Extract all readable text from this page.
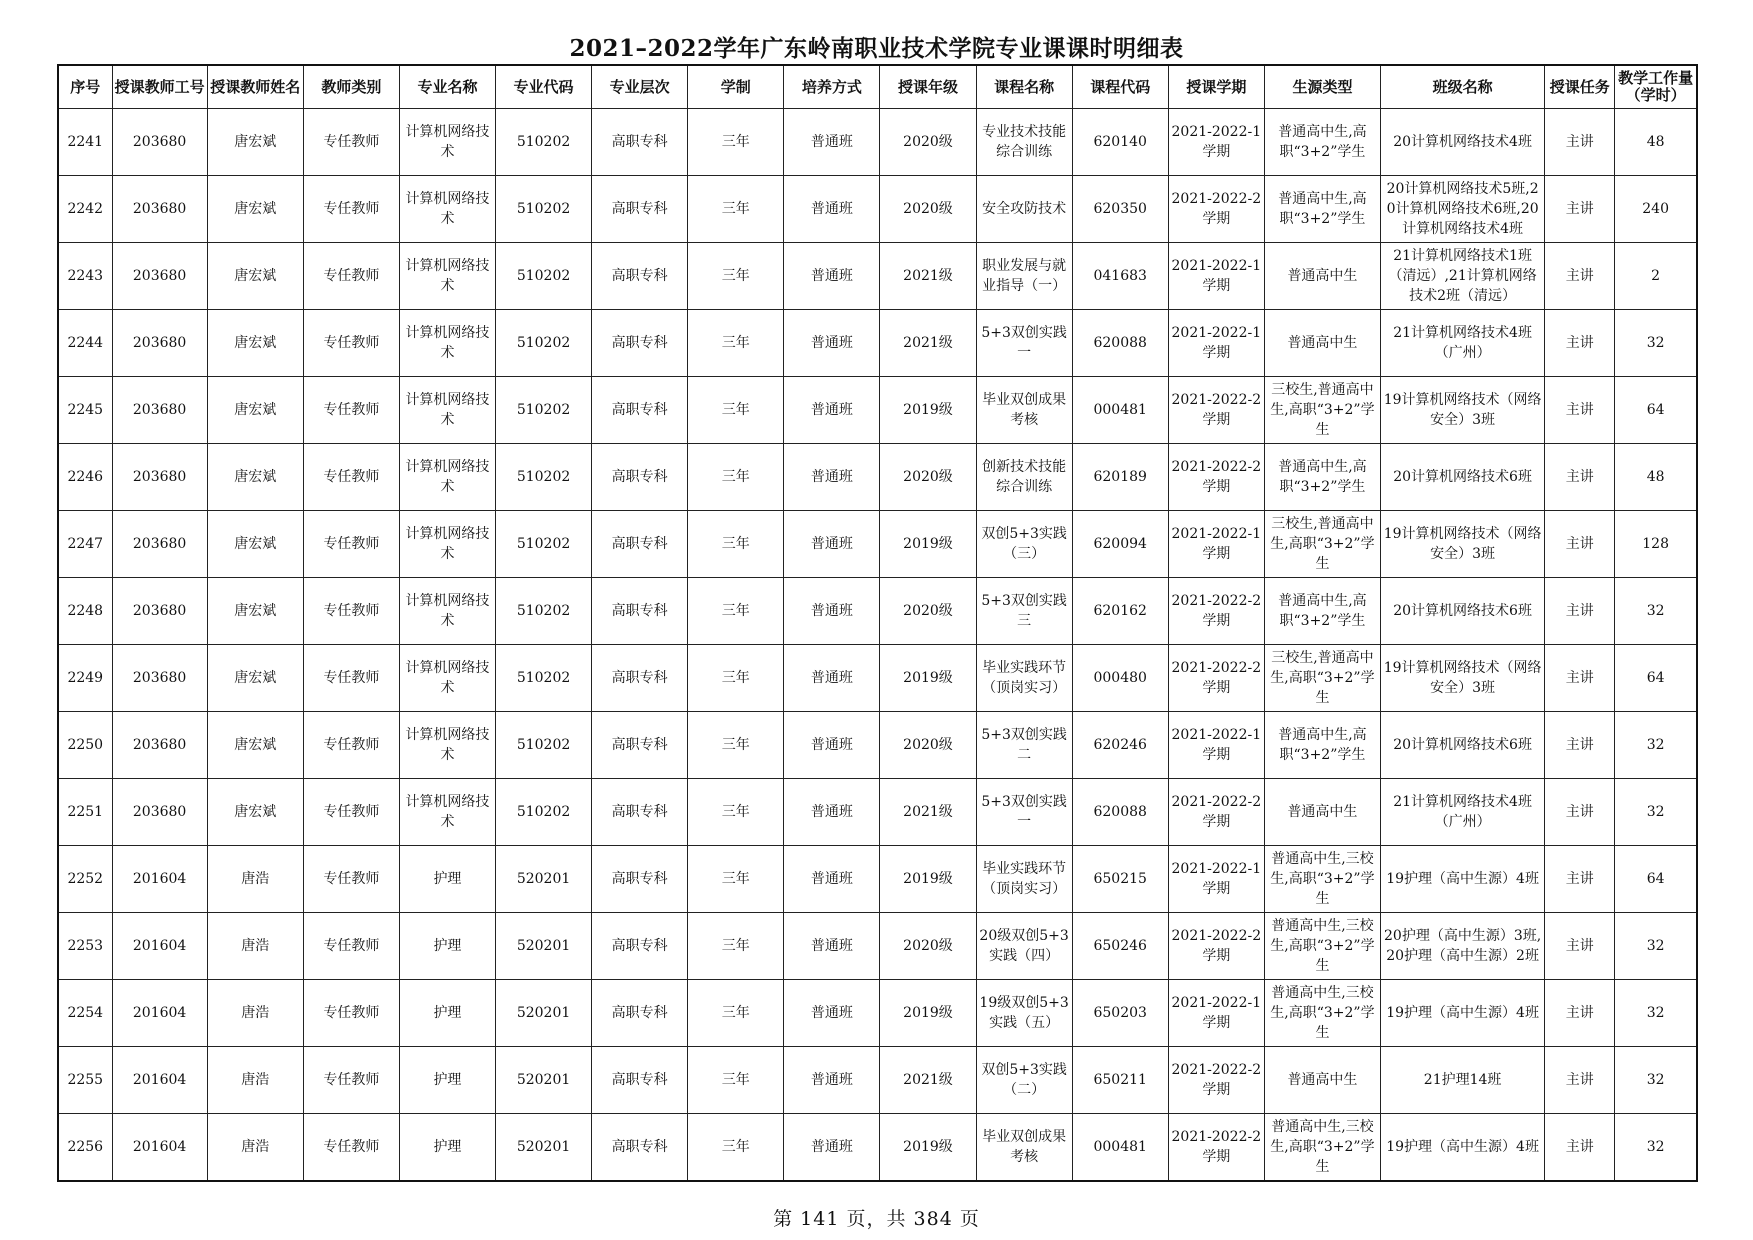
2021–2022学年广东岭南职业技术学院专业课课时明细表
序号	授课教师工号	授课教师姓名	教师类别	专业名称	专业代码	专业层次	学制	培养方式	授课年级	课程名称	课程代码	授课学期	生源类型	班级名称	授课任务	教学工作量（学时）

2241	203680	唐宏斌	专任教师	计算机网络技术	510202	高职专科	三年	普通班	2020级	专业技术技能综合训练	620140	2021-2022-1学期	普通高中生,高职“3+2”学生	20计算机网络技术4班	主讲	48

2242	203680	唐宏斌	专任教师	计算机网络技术	510202	高职专科	三年	普通班	2020级	安全攻防技术	620350	2021-2022-2学期	普通高中生,高职“3+2”学生	20计算机网络技术5班,20计算机网络技术6班,20计算机网络技术4班	主讲	240

2243	203680	唐宏斌	专任教师	计算机网络技术	510202	高职专科	三年	普通班	2021级	职业发展与就业指导（一）	041683	2021-2022-1学期	普通高中生	21计算机网络技术1班（清远）,21计算机网络技术2班（清远）	主讲	2

2244	203680	唐宏斌	专任教师	计算机网络技术	510202	高职专科	三年	普通班	2021级	5+3双创实践一	620088	2021-2022-1学期	普通高中生	21计算机网络技术4班（广州）	主讲	32

2245	203680	唐宏斌	专任教师	计算机网络技术	510202	高职专科	三年	普通班	2019级	毕业双创成果考核	000481	2021-2022-2学期	三校生,普通高中生,高职“3+2”学生	19计算机网络技术（网络安全）3班	主讲	64

2246	203680	唐宏斌	专任教师	计算机网络技术	510202	高职专科	三年	普通班	2020级	创新技术技能综合训练	620189	2021-2022-2学期	普通高中生,高职“3+2”学生	20计算机网络技术6班	主讲	48

2247	203680	唐宏斌	专任教师	计算机网络技术	510202	高职专科	三年	普通班	2019级	双创5+3实践（三）	620094	2021-2022-1学期	三校生,普通高中生,高职“3+2”学生	19计算机网络技术（网络安全）3班	主讲	128

2248	203680	唐宏斌	专任教师	计算机网络技术	510202	高职专科	三年	普通班	2020级	5+3双创实践三	620162	2021-2022-2学期	普通高中生,高职“3+2”学生	20计算机网络技术6班	主讲	32

2249	203680	唐宏斌	专任教师	计算机网络技术	510202	高职专科	三年	普通班	2019级	毕业实践环节（顶岗实习）	000480	2021-2022-2学期	三校生,普通高中生,高职“3+2”学生	19计算机网络技术（网络安全）3班	主讲	64

2250	203680	唐宏斌	专任教师	计算机网络技术	510202	高职专科	三年	普通班	2020级	5+3双创实践二	620246	2021-2022-1学期	普通高中生,高职“3+2”学生	20计算机网络技术6班	主讲	32

2251	203680	唐宏斌	专任教师	计算机网络技术	510202	高职专科	三年	普通班	2021级	5+3双创实践一	620088	2021-2022-2学期	普通高中生	21计算机网络技术4班（广州）	主讲	32

2252	201604	唐浩	专任教师	护理	520201	高职专科	三年	普通班	2019级	毕业实践环节（顶岗实习）	650215	2021-2022-1学期	普通高中生,三校生,高职“3+2”学生	19护理（高中生源）4班	主讲	64

2253	201604	唐浩	专任教师	护理	520201	高职专科	三年	普通班	2020级	20级双创5+3实践（四）	650246	2021-2022-2学期	普通高中生,三校生,高职“3+2”学生	20护理（高中生源）3班,20护理（高中生源）2班	主讲	32

2254	201604	唐浩	专任教师	护理	520201	高职专科	三年	普通班	2019级	19级双创5+3实践（五）	650203	2021-2022-1学期	普通高中生,三校生,高职“3+2”学生	19护理（高中生源）4班	主讲	32

2255	201604	唐浩	专任教师	护理	520201	高职专科	三年	普通班	2021级	双创5+3实践（二）	650211	2021-2022-2学期	普通高中生	21护理14班	主讲	32

2256	201604	唐浩	专任教师	护理	520201	高职专科	三年	普通班	2019级	毕业双创成果考核	000481	2021-2022-2学期	普通高中生,三校生,高职“3+2”学生	19护理（高中生源）4班	主讲	32
第 141 页，共 384 页
